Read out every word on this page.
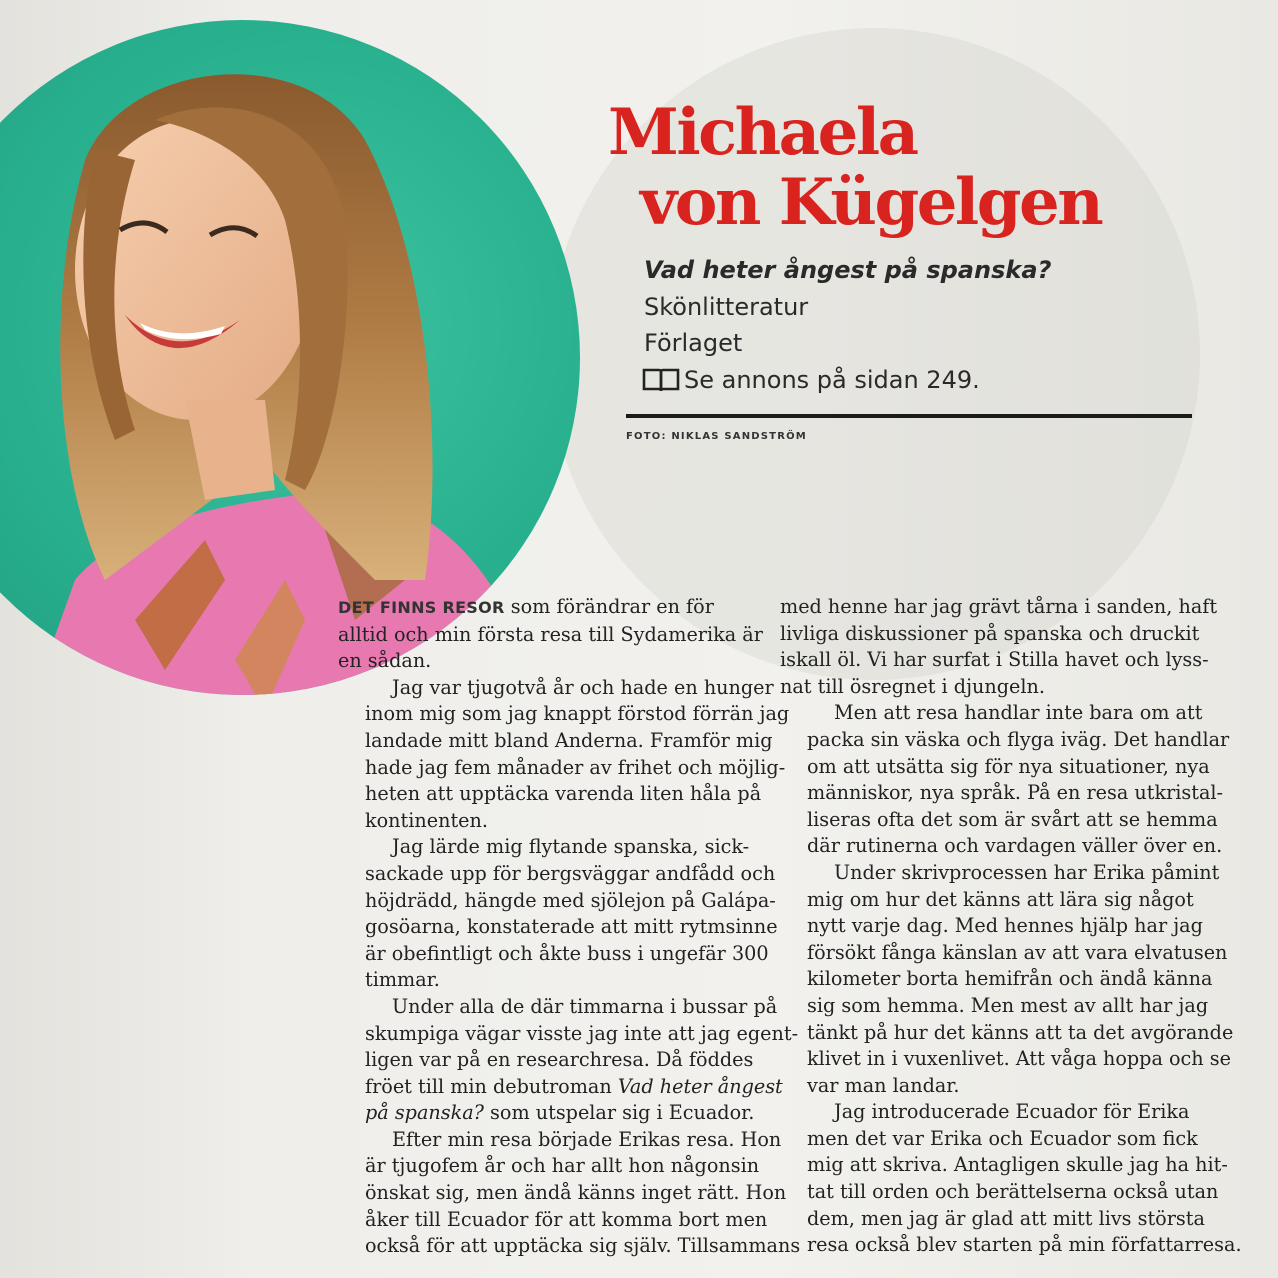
Michaela
von Kügelgen
Vad heter ångest på spanska?
Skönlitteratur
Förlaget
Se annons på sidan 249.
FOTO: NIKLAS SANDSTRÖM

DET FINNS RESOR som förändrar en för
alltid och min första resa till Sydamerika är
en sådan.

Jag var tjugotvå år och hade en hunger
inom mig som jag knappt förstod förrän jag
landade mitt bland Anderna. Framför mig
hade jag fem månader av frihet och möjlig-
heten att upptäcka varenda liten håla på
kontinenten.

Jag lärde mig flytande spanska, sick-
sackade upp för bergsväggar andfådd och
höjdrädd, hängde med sjölejon på Galápa-
gosöarna, konstaterade att mitt rytmsinne
är obefintligt och åkte buss i ungefär 300
timmar.

Under alla de där timmarna i bussar på
skumpiga vägar visste jag inte att jag egent-
ligen var på en researchresa. Då föddes
fröet till min debutroman Vad heter ångest
på spanska? som utspelar sig i Ecuador.

Efter min resa började Erikas resa. Hon
är tjugofem år och har allt hon någonsin
önskat sig, men ändå känns inget rätt. Hon
åker till Ecuador för att komma bort men
också för att upptäcka sig själv. Tillsammans

med henne har jag grävt tårna i sanden, haft
livliga diskussioner på spanska och druckit
iskall öl. Vi har surfat i Stilla havet och lyss-
nat till ösregnet i djungeln.

Men att resa handlar inte bara om att
packa sin väska och flyga iväg. Det handlar
om att utsätta sig för nya situationer, nya
människor, nya språk. På en resa utkristal-
liseras ofta det som är svårt att se hemma
där rutinerna och vardagen väller över en.

Under skrivprocessen har Erika påmint
mig om hur det känns att lära sig något
nytt varje dag. Med hennes hjälp har jag
försökt fånga känslan av att vara elvatusen
kilometer borta hemifrån och ändå känna
sig som hemma. Men mest av allt har jag
tänkt på hur det känns att ta det avgörande
klivet in i vuxenlivet. Att våga hoppa och se
var man landar.

Jag introducerade Ecuador för Erika
men det var Erika och Ecuador som fick
mig att skriva. Antagligen skulle jag ha hit-
tat till orden och berättelserna också utan
dem, men jag är glad att mitt livs största
resa också blev starten på min författarresa.
